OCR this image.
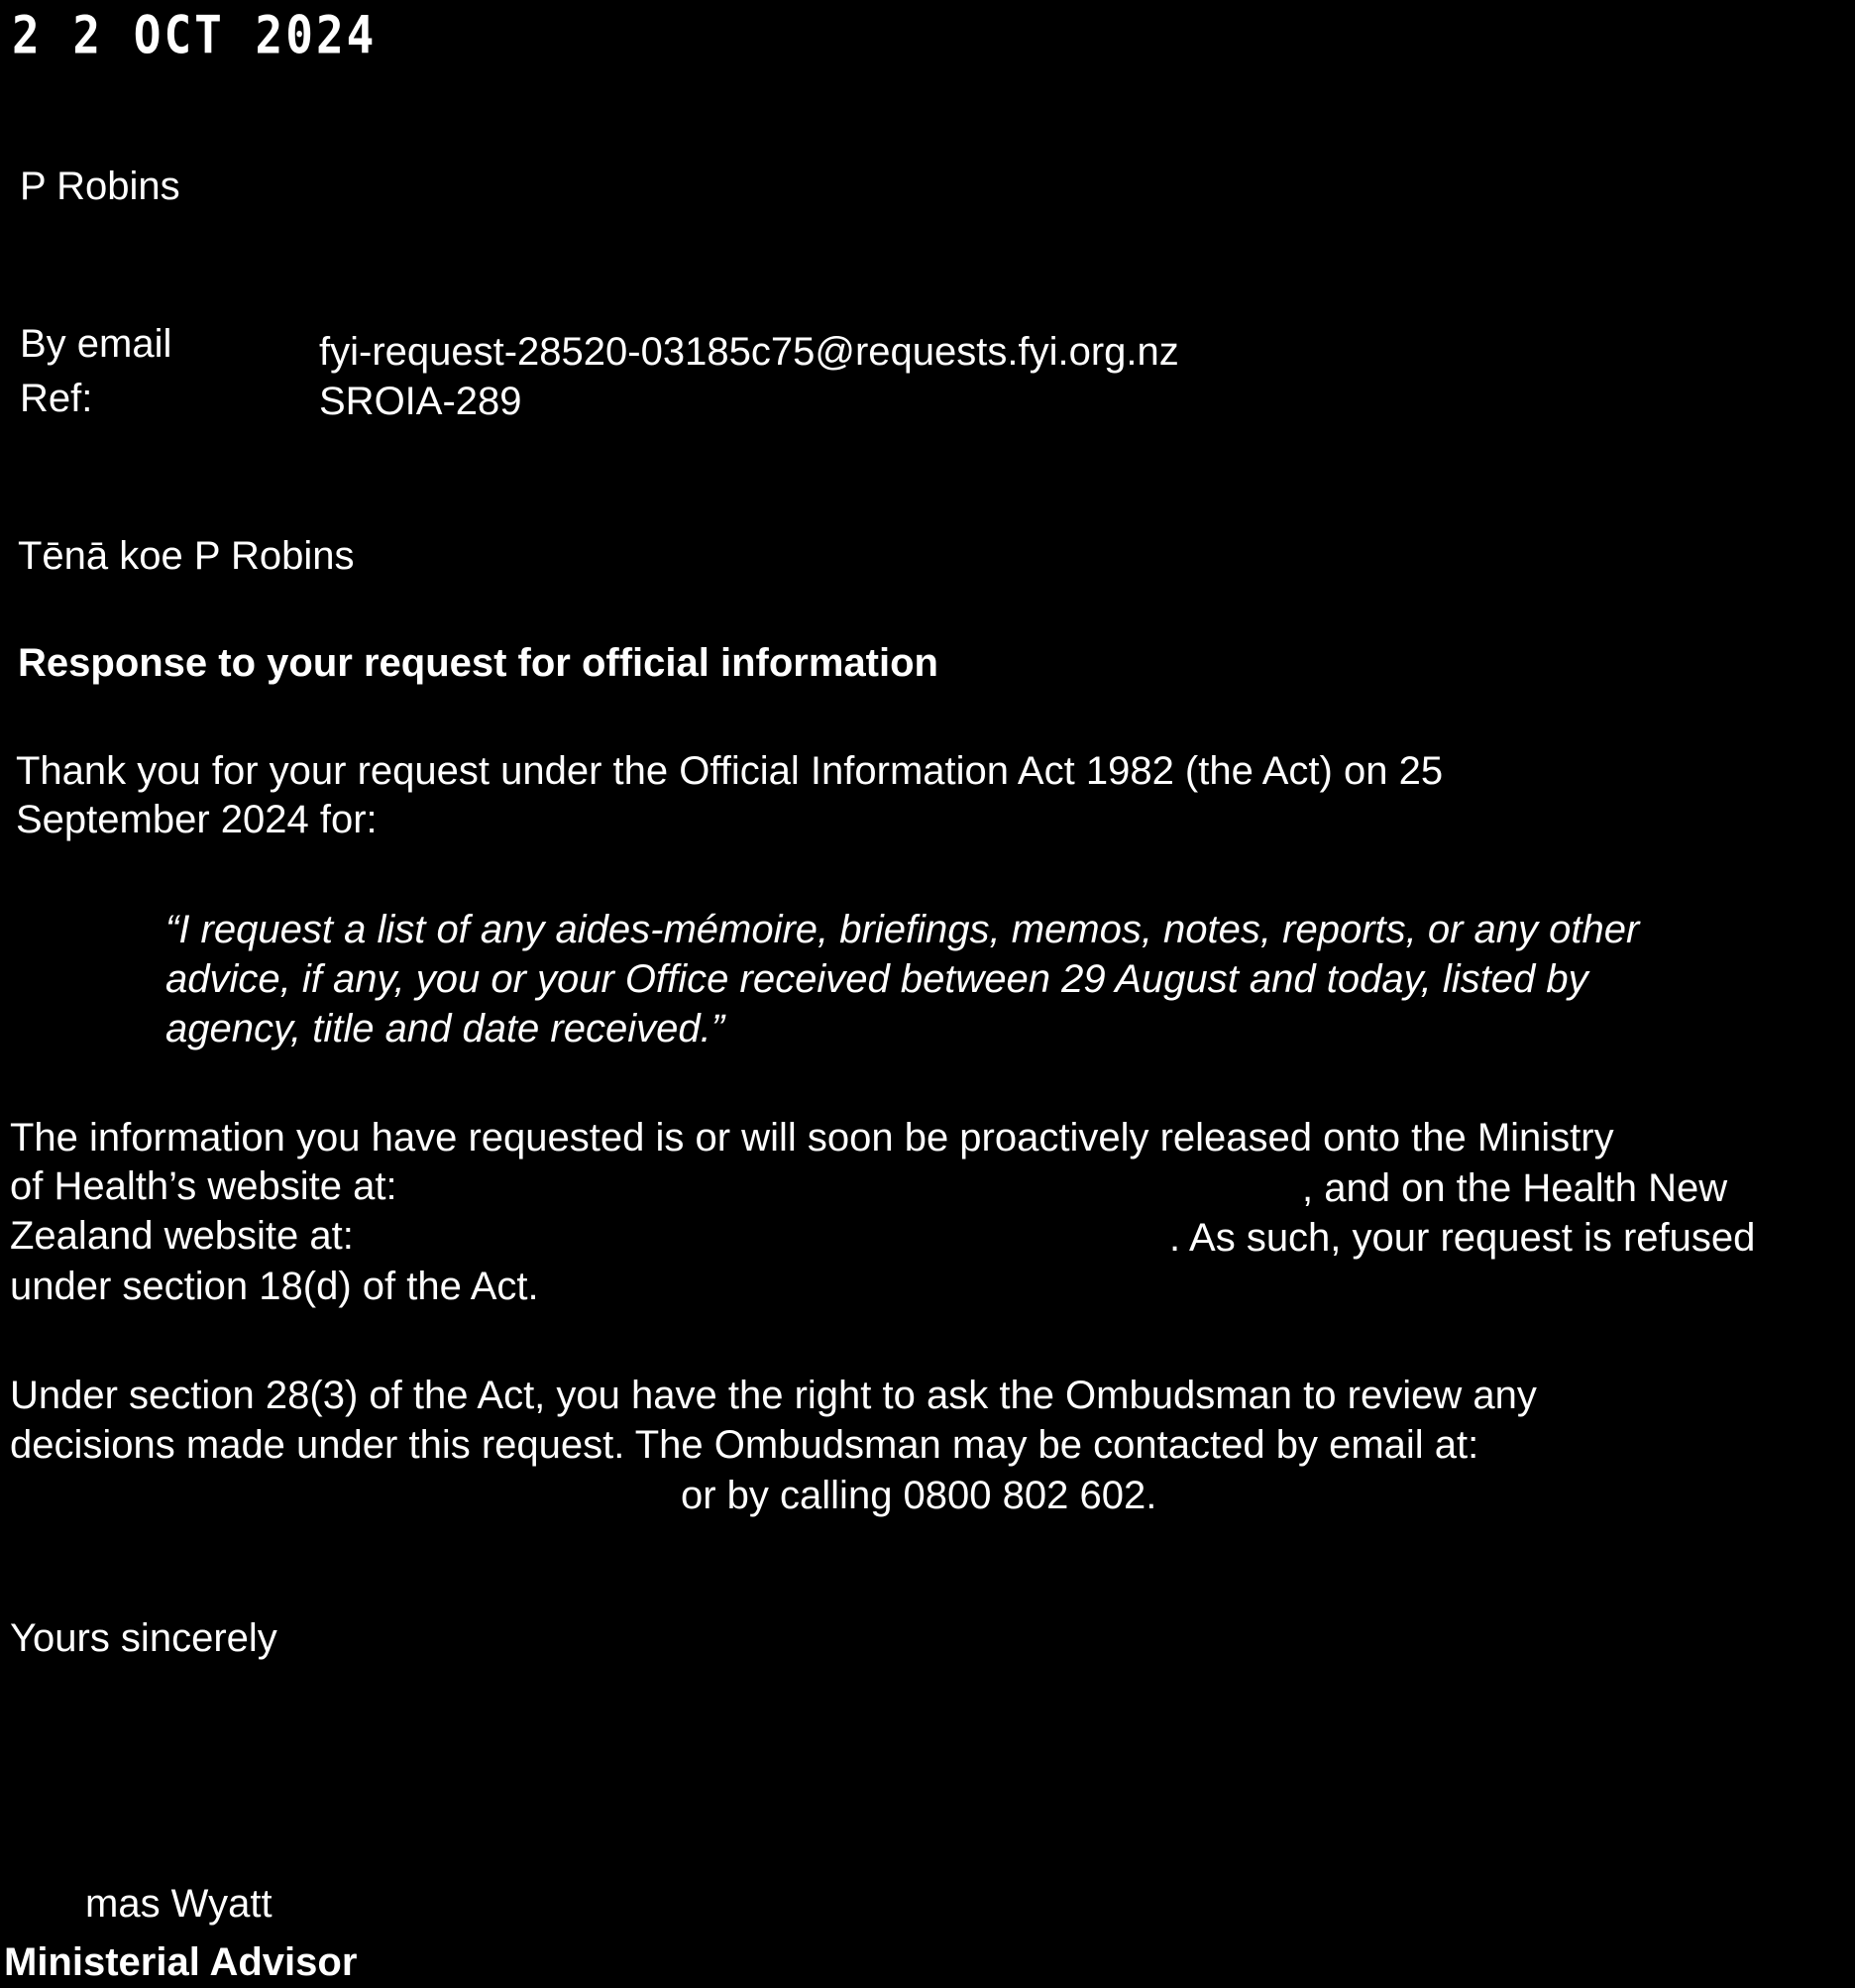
2 2 OCT 2024
P Robins
By email	fyi-request-28520-03185c75@requests.fyi.org.nz
Ref:	SROIA-289
Tēnā koe P Robins
Response to your request for official information
Thank you for your request under the Official Information Act 1982 (the Act) on 25
September 2024 for:
“I request a list of any aides-mémoire, briefings, memos, notes, reports, or any other
advice, if any, you or your Office received between 29 August and today, listed by
agency, title and date received.”
The information you have requested is or will soon be proactively released onto the Ministry
of Health’s website at:	, and on the Health New
Zealand website at:	. As such, your request is refused
under section 18(d) of the Act.
Under section 28(3) of the Act, you have the right to ask the Ombudsman to review any
decisions made under this request. The Ombudsman may be contacted by email at:
or by calling 0800 802 602.
Yours sincerely
mas Wyatt
Ministerial Advisor
